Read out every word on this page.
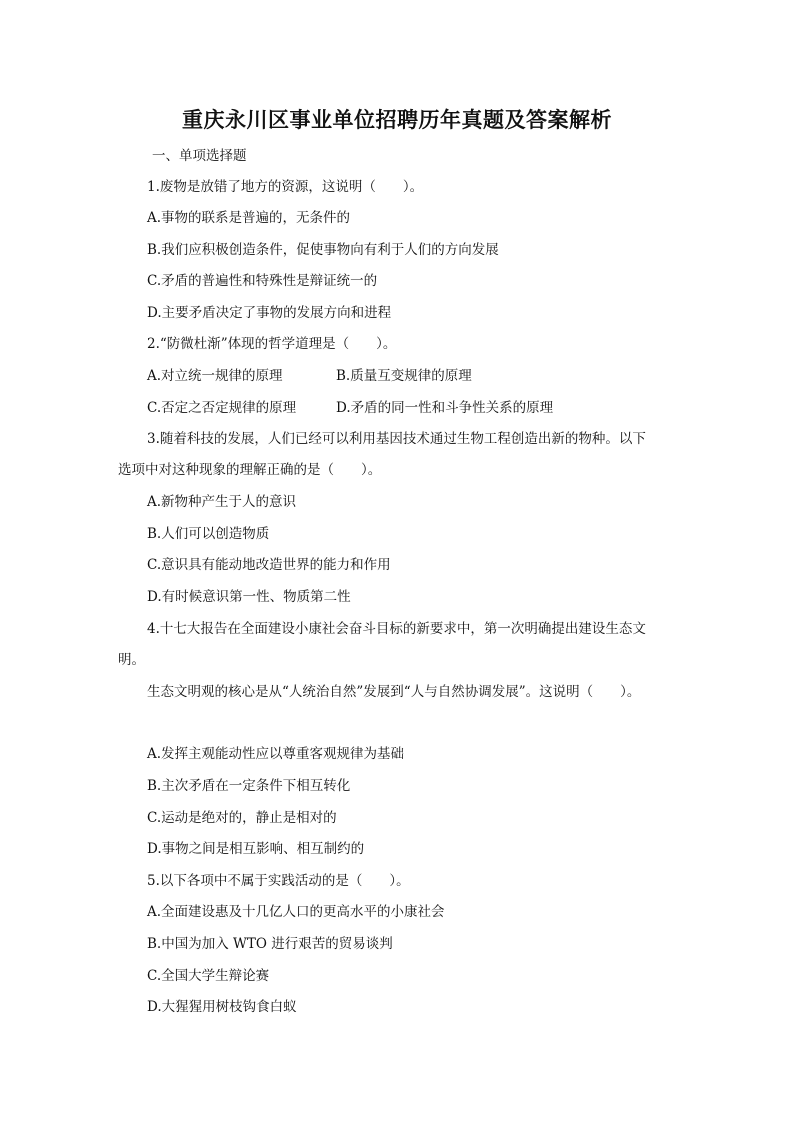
重庆永川区事业单位招聘历年真题及答案解析
一、单项选择题
1.废物是放错了地方的资源，这说明（　　）。
A.事物的联系是普遍的，无条件的
B.我们应积极创造条件，促使事物向有利于人们的方向发展
C.矛盾的普遍性和特殊性是辩证统一的
D.主要矛盾决定了事物的发展方向和进程
2.“防微杜渐”体现的哲学道理是（　　）。
A.对立统一规律的原理	B.质量互变规律的原理
C.否定之否定规律的原理	D.矛盾的同一性和斗争性关系的原理
3.随着科技的发展，人们已经可以利用基因技术通过生物工程创造出新的物种。以下
选项中对这种现象的理解正确的是（　　）。
A.新物种产生于人的意识
B.人们可以创造物质
C.意识具有能动地改造世界的能力和作用
D.有时候意识第一性、物质第二性
4.十七大报告在全面建设小康社会奋斗目标的新要求中，第一次明确提出建设生态文
明。
生态文明观的核心是从“人统治自然”发展到“人与自然协调发展”。这说明（　　）。
A.发挥主观能动性应以尊重客观规律为基础
B.主次矛盾在一定条件下相互转化
C.运动是绝对的，静止是相对的
D.事物之间是相互影响、相互制约的
5.以下各项中不属于实践活动的是（　　）。
A.全面建设惠及十几亿人口的更高水平的小康社会
B.中国为加入 WTO 进行艰苦的贸易谈判
C.全国大学生辩论赛
D.大猩猩用树枝钩食白蚁
